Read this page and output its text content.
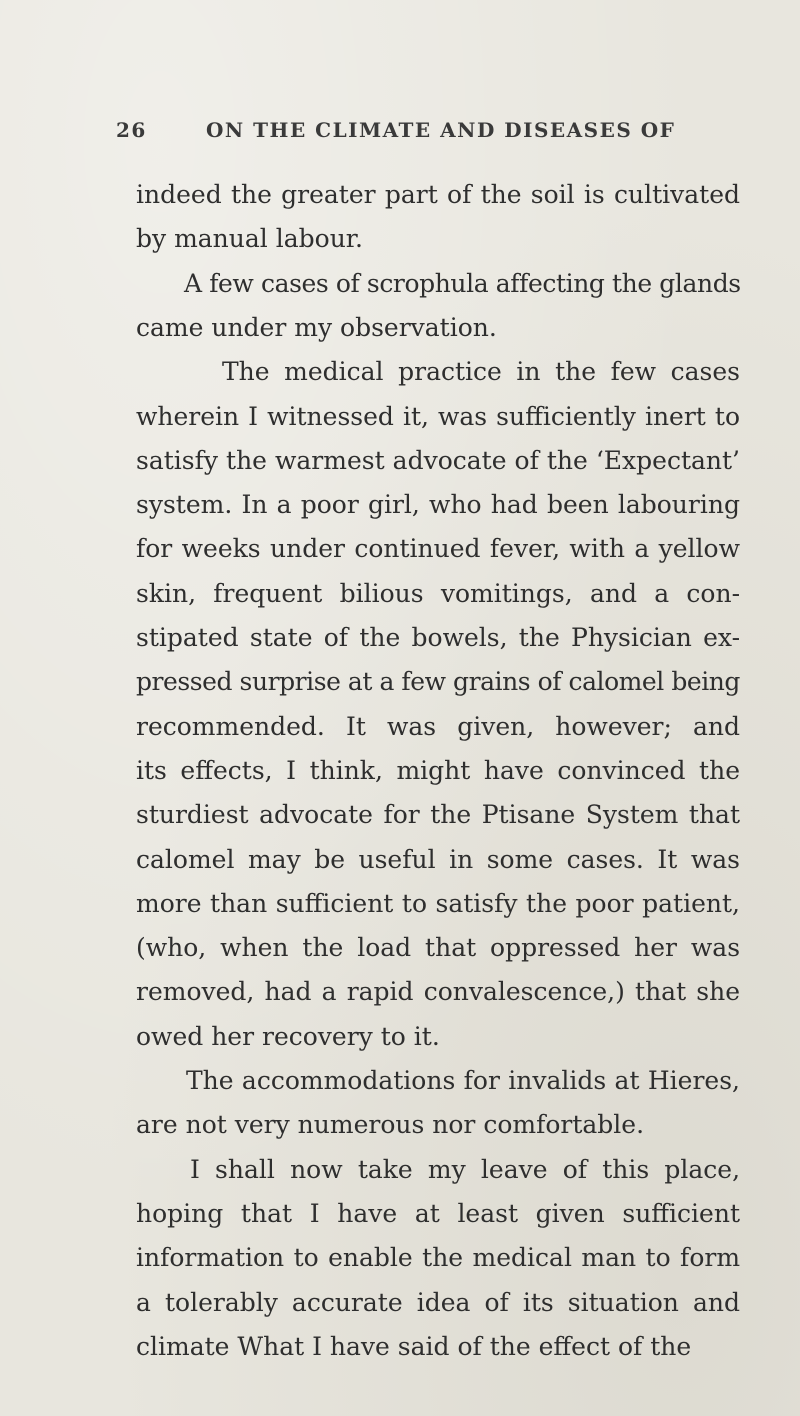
26	ON THE CLIMATE AND DISEASES OF
indeed the greater part of the soil is cultivated
by manual labour.
A few cases of scrophula affecting the glands
came under my observation.
The medical practice in the few cases
wherein I witnessed it, was sufficiently inert to
satisfy the warmest advocate of the ‘Expectant’
system. In a poor girl, who had been labouring
for weeks under continued fever, with a yellow
skin, frequent bilious vomitings, and a con-
stipated state of the bowels, the Physician ex-
pressed surprise at a few grains of calomel being
recommended. It was given, however; and
its effects, I think, might have convinced the
sturdiest advocate for the Ptisane System that
calomel may be useful in some cases. It was
more than sufficient to satisfy the poor patient,
(who, when the load that oppressed her was
removed, had a rapid convalescence,) that she
owed her recovery to it.
The accommodations for invalids at Hieres,
are not very numerous nor comfortable.
I shall now take my leave of this place,
hoping that I have at least given sufficient
information to enable the medical man to form
a tolerably accurate idea of its situation and
climate What I have said of the effect of the
